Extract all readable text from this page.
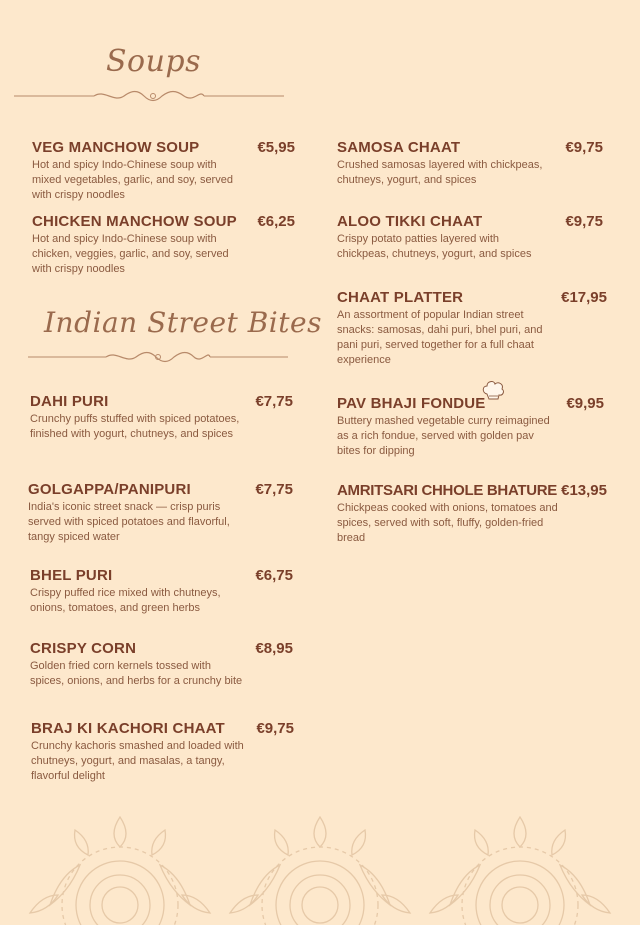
Soups
Indian Street Bites
VEG MANCHOW SOUP	€5,95
Hot and spicy Indo-Chinese soup with mixed vegetables, garlic, and soy, served with crispy noodles
CHICKEN MANCHOW SOUP €6,25
Hot and spicy Indo-Chinese soup with chicken, veggies, garlic, and soy, served with crispy noodles
DAHI PURI	€7,75
Crunchy puffs stuffed with spiced potatoes, finished with yogurt, chutneys, and spices
GOLGAPPA/PANIPURI	€7,75
India's iconic street snack — crisp puris served with spiced potatoes and flavorful, tangy spiced water
BHEL PURI	€6,75
Crispy puffed rice mixed with chutneys, onions, tomatoes, and green herbs
CRISPY CORN	€8,95
Golden fried corn kernels tossed with spices, onions, and herbs for a crunchy bite
BRAJ KI KACHORI CHAAT €9,75
Crunchy kachoris smashed and loaded with chutneys, yogurt, and masalas, a tangy, flavorful delight
SAMOSA CHAAT	€9,75
Crushed samosas layered with chickpeas, chutneys, yogurt, and spices
ALOO TIKKI CHAAT	€9,75
Crispy potato patties layered with chickpeas, chutneys, yogurt, and spices
CHAAT PLATTER	€17,95
An assortment of popular Indian street snacks: samosas, dahi puri, bhel puri, and pani puri, served together for a full chaat experience
PAV BHAJI FONDUE	€9,95
Buttery mashed vegetable curry reimagined as a rich fondue, served with golden pav bites for dipping
AMRITSARI CHHOLE BHATURE €13,95
Chickpeas cooked with onions, tomatoes and spices, served with soft, fluffy, golden-fried bread
